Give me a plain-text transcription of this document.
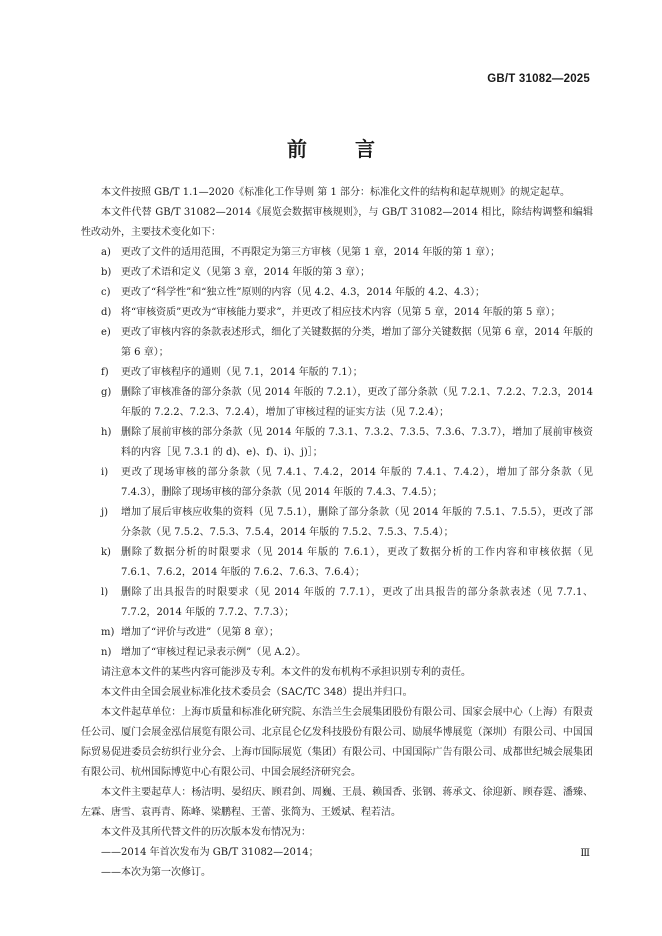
GB/T 31082—2025
前 言
本文件按照 GB/T 1.1—2020《标准化工作导则 第 1 部分：标准化文件的结构和起草规则》的规定起草。
本文件代替 GB/T 31082—2014《展览会数据审核规则》，与 GB/T 31082—2014 相比，除结构调整和编辑性改动外，主要技术变化如下：
a) 更改了文件的适用范围，不再限定为第三方审核（见第 1 章，2014 年版的第 1 章）；
b) 更改了术语和定义（见第 3 章，2014 年版的第 3 章）；
c) 更改了“科学性”和“独立性”原则的内容（见 4.2、4.3，2014 年版的 4.2、4.3）；
d) 将“审核资质”更改为“审核能力要求”，并更改了相应技术内容（见第 5 章，2014 年版的第 5 章）；
e) 更改了审核内容的条款表述形式，细化了关键数据的分类，增加了部分关键数据（见第 6 章，2014 年版的第 6 章）；
f) 更改了审核程序的通则（见 7.1，2014 年版的 7.1）；
g) 删除了审核准备的部分条款（见 2014 年版的 7.2.1），更改了部分条款（见 7.2.1、7.2.2、7.2.3，2014 年版的 7.2.2、7.2.3、7.2.4），增加了审核过程的证实方法（见 7.2.4）；
h) 删除了展前审核的部分条款（见 2014 年版的 7.3.1、7.3.2、7.3.5、7.3.6、7.3.7），增加了展前审核资料的内容［见 7.3.1 的 d)、e)、f)、i)、j)］；
i) 更改了现场审核的部分条款（见 7.4.1、7.4.2，2014 年版的 7.4.1、7.4.2），增加了部分条款（见 7.4.3），删除了现场审核的部分条款（见 2014 年版的 7.4.3、7.4.5）；
j) 增加了展后审核应收集的资料（见 7.5.1），删除了部分条款（见 2014 年版的 7.5.1、7.5.5），更改了部分条款（见 7.5.2、7.5.3、7.5.4，2014 年版的 7.5.2、7.5.3、7.5.4）；
k) 删除了数据分析的时限要求（见 2014 年版的 7.6.1），更改了数据分析的工作内容和审核依据（见 7.6.1、7.6.2，2014 年版的 7.6.2、7.6.3、7.6.4）；
l) 删除了出具报告的时限要求（见 2014 年版的 7.7.1），更改了出具报告的部分条款表述（见 7.7.1、7.7.2，2014 年版的 7.7.2、7.7.3）；
m) 增加了“评价与改进”（见第 8 章）；
n) 增加了“审核过程记录表示例”（见 A.2）。
请注意本文件的某些内容可能涉及专利。本文件的发布机构不承担识别专利的责任。
本文件由全国会展业标准化技术委员会（SAC/TC 348）提出并归口。
本文件起草单位：上海市质量和标准化研究院、东浩兰生会展集团股份有限公司、国家会展中心（上海）有限责任公司、厦门会展金泓信展览有限公司、北京昆仑亿发科技股份有限公司、励展华博展览（深圳）有限公司、中国国际贸易促进委员会纺织行业分会、上海市国际展览（集团）有限公司、中国国际广告有限公司、成都世纪城会展集团有限公司、杭州国际博览中心有限公司、中国会展经济研究会。
本文件主要起草人：杨洁明、晏绍庆、顾君剑、周巍、王晨、赖国香、张钢、蒋承文、徐迎新、顾春霆、潘臻、左霖、唐雪、袁再青、陈峰、梁鹏程、王蕾、张简为、王媛斌、程若洁。
本文件及其所代替文件的历次版本发布情况为：
——2014 年首次发布为 GB/T 31082—2014；
——本次为第一次修订。
Ⅲ
